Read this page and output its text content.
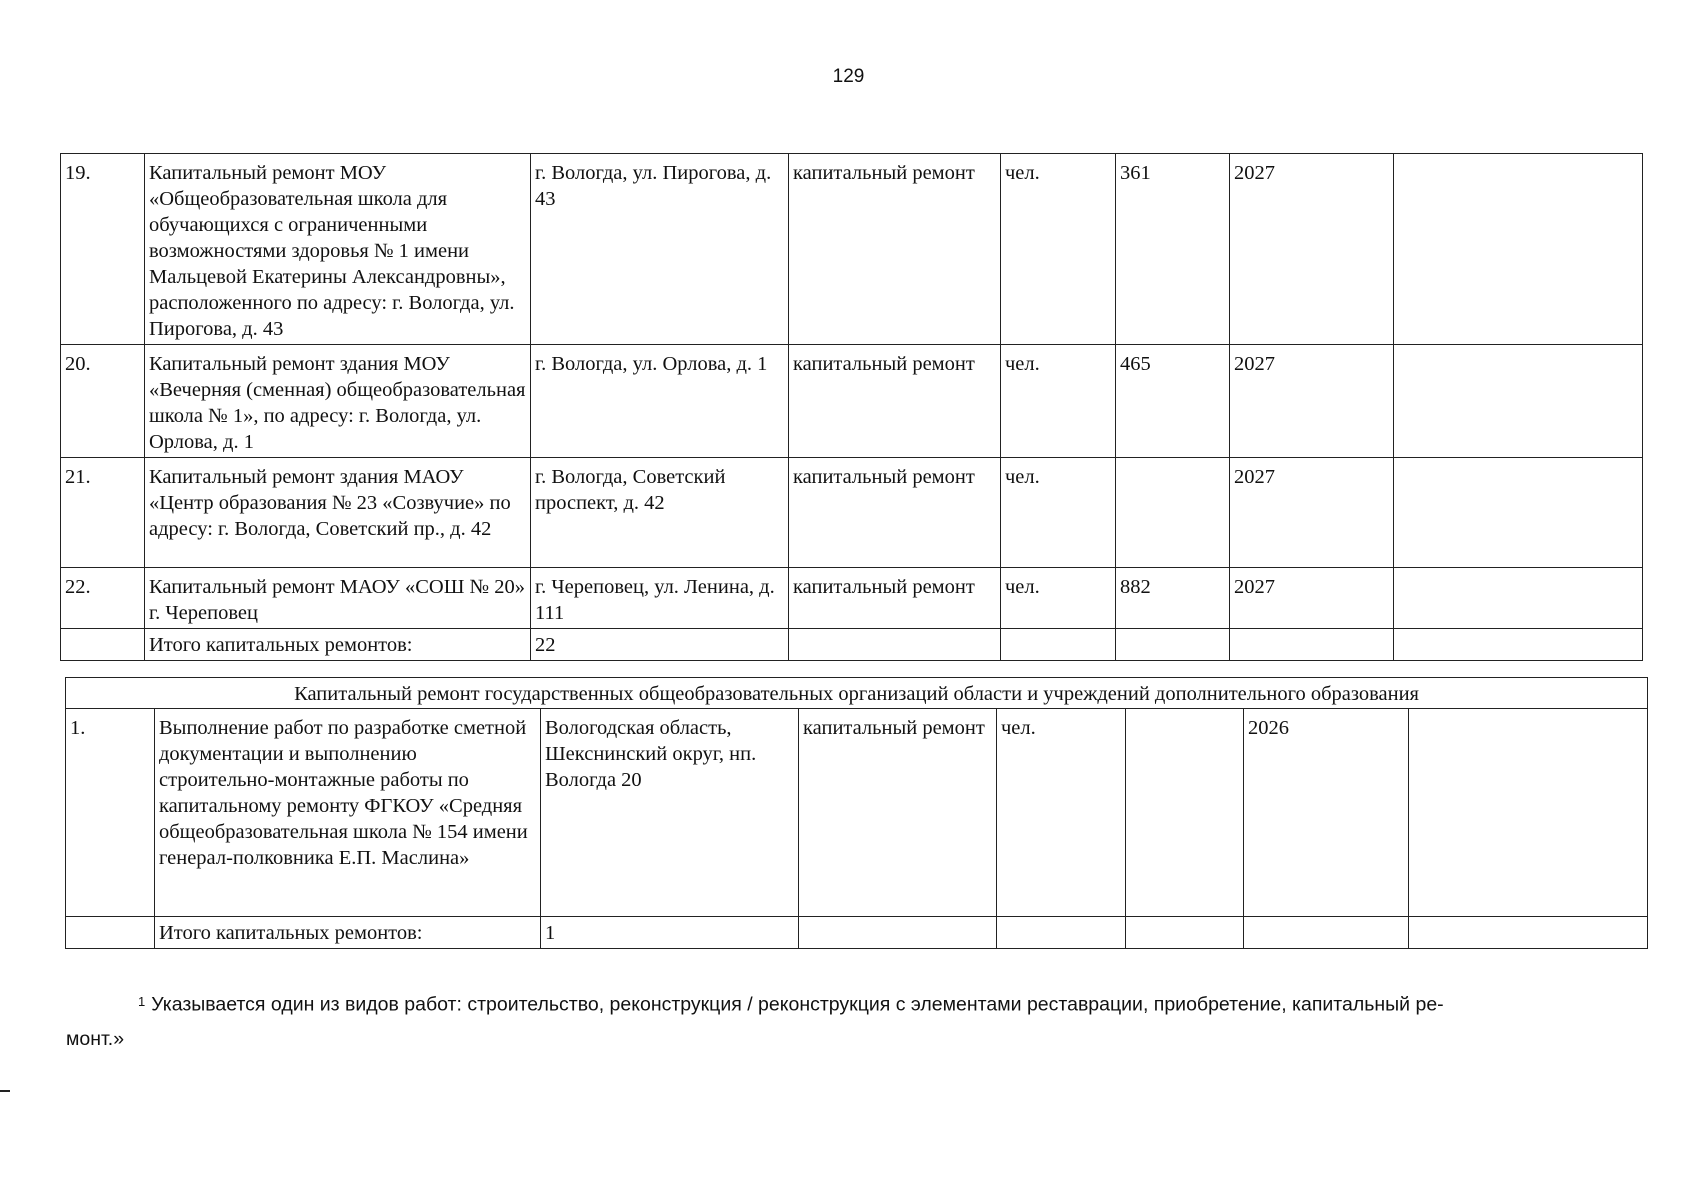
129
19.	Капитальный ремонт МОУ «Общеобразовательная школа для обучающихся с ограниченными возможностями здоровья № 1 имени Мальцевой Екатерины Александровны», расположенного по адресу: г. Вологда, ул. Пирогова, д. 43	г. Вологда, ул. Пирогова, д. 43	капитальный ремонт	чел.	361	2027	
20.	Капитальный ремонт здания МОУ «Вечерняя (сменная) общеобразовательная школа № 1», по адресу: г. Вологда, ул. Орлова, д. 1	г. Вологда, ул. Орлова, д. 1	капитальный ремонт	чел.	465	2027	
21.	Капитальный ремонт здания МАОУ «Центр образования № 23 «Созвучие» по адресу: г. Вологда, Советский пр., д. 42	г. Вологда, Советский проспект, д. 42	капитальный ремонт	чел.		2027	
22.	Капитальный ремонт МАОУ «СОШ № 20» г. Череповец	г. Череповец, ул. Ленина, д. 111	капитальный ремонт	чел.	882	2027	
	Итого капитальных ремонтов:	22					
Капитальный ремонт государственных общеобразовательных организаций области и учреждений дополнительного образования							
1.	Выполнение работ по разработке сметной документации и выполнению строительно-монтажные работы по капитальному ремонту ФГКОУ «Средняя общеобразовательная школа № 154 имени генерал-полковника Е.П. Маслина»	Вологодская область, Шекснинский округ, нп. Вологда 20	капитальный ремонт	чел.		2026	
	Итого капитальных ремонтов:	1					
$^1$ Указывается один из видов работ: строительство, реконструкция / реконструкция с элементами реставрации, приобретение, капитальный ре-
монт.»
